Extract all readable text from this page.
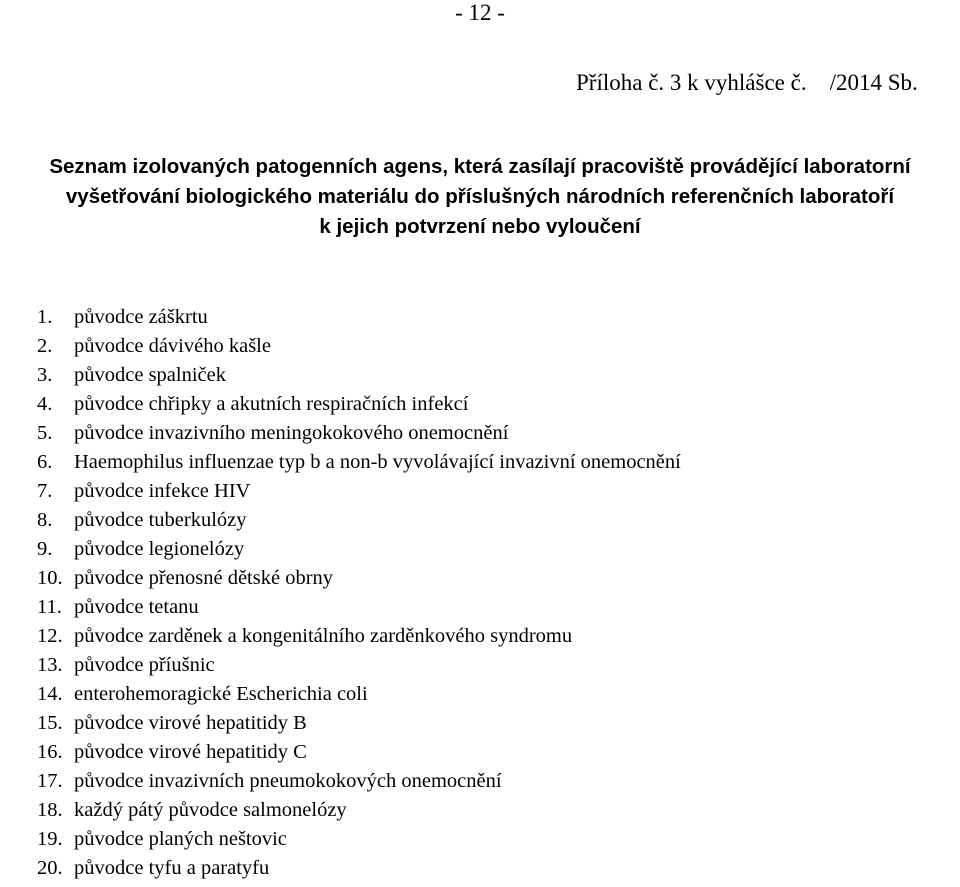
- 12 -
Příloha č. 3 k vyhlášce č.    /2014 Sb.
Seznam izolovaných patogenních agens, která zasílají pracoviště provádějící laboratorní
vyšetřování biologického materiálu do příslušných národních referenčních laboratoří
k jejich potvrzení nebo vyloučení
1. původce záškrtu
2. původce dávivého kašle
3. původce spalniček
4. původce chřipky a akutních respiračních infekcí
5. původce invazivního meningokokového onemocnění
6. Haemophilus influenzae typ b a non-b vyvolávající invazivní onemocnění
7. původce infekce HIV
8. původce tuberkulózy
9. původce legionelózy
10. původce přenosné dětské obrny
11. původce tetanu
12. původce zarděnek a kongenitálního zarděnkového syndromu
13. původce příušnic
14. enterohemoragické Escherichia coli
15. původce virové hepatitidy B
16. původce virové hepatitidy C
17. původce invazivních pneumokokových onemocnění
18. každý pátý původce salmonelózy
19. původce planých neštovic
20. původce tyfu a paratyfu
